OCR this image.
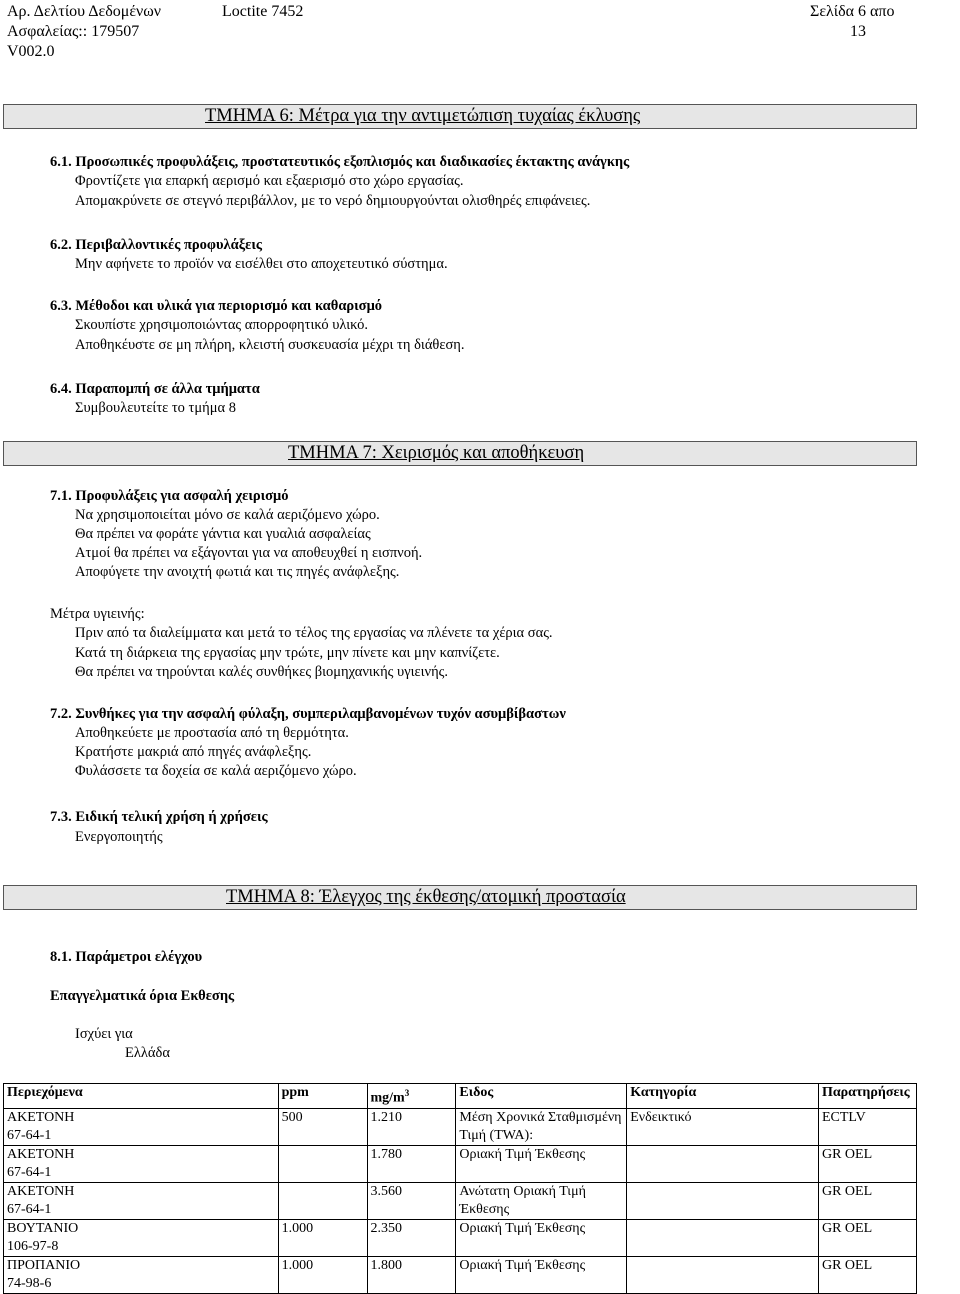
Αρ. Δελτίου Δεδομένων
Ασφαλείας:: 179507
Loctite 7452	Σελίδα 6 απο
13
V002.0
ΤΜΗΜΑ 6: Μέτρα για την αντιμετώπιση τυχαίας έκλυσης
6.1. Προσωπικές προφυλάξεις, προστατευτικός εξοπλισμός και διαδικασίες έκτακτης ανάγκης
Φροντίζετε για επαρκή αερισμό και εξαερισμό στο χώρο εργασίας.
Απομακρύνετε σε στεγνό περιβάλλον, με το νερό δημιουργούνται ολισθηρές επιφάνειες.
6.2. Περιβαλλοντικές προφυλάξεις
Μην αφήνετε το προϊόν να εισέλθει στο αποχετευτικό σύστημα.
6.3. Μέθοδοι και υλικά για περιορισμό και καθαρισμό
Σκουπίστε χρησιμοποιώντας απορροφητικό υλικό.
Αποθηκέυστε σε μη πλήρη, κλειστή συσκευασία μέχρι τη διάθεση.
6.4. Παραπομπή σε άλλα τμήματα
Συμβουλευτείτε το τμήμα 8
ΤΜΗΜΑ 7: Χειρισμός και αποθήκευση
7.1. Προφυλάξεις για ασφαλή χειρισμό
Να χρησιμοποιείται μόνο σε καλά αεριζόμενο χώρο.
Θα πρέπει να φοράτε γάντια και γυαλιά ασφαλείας
Ατμοί θα πρέπει να εξάγονται για να αποθευχθεί η εισπνοή.
Αποφύγετε την ανοιχτή φωτιά και τις πηγές ανάφλεξης.
Μέτρα υγιεινής:
Πριν από τα διαλείμματα και μετά το τέλος της εργασίας να πλένετε τα χέρια σας.
Κατά τη διάρκεια της εργασίας μην τρώτε, μην πίνετε και μην καπνίζετε.
Θα πρέπει να τηρούνται καλές συνθήκες βιομηχανικής υγιεινής.
7.2. Συνθήκες για την ασφαλή φύλαξη, συμπεριλαμβανομένων τυχόν ασυμβίβαστων
Αποθηκεύετε με προστασία από τη θερμότητα.
Κρατήστε μακριά από πηγές ανάφλεξης.
Φυλάσσετε τα δοχεία σε καλά αεριζόμενο χώρο.
7.3. Ειδική τελική χρήση ή χρήσεις
Ενεργοποιητής
ΤΜΗΜΑ 8: Έλεγχος της έκθεσης/ατομική προστασία
8.1. Παράμετροι ελέγχου
Επαγγελματικά όρια Εκθεσης
Ισχύει για
Ελλάδα
Περιεχόμενα	ppm	$mg/m^3$	Ειδος	Κατηγορία	Παρατηρήσεις

ΑΚΕΤΟΝΗ
67-64-1	500	1.210	Μέση Χρονικά Σταθμισμένη Τιμή (TWA):	Ενδεικτικό	ECTLV

ΑΚΕΤΟΝΗ
67-64-1		1.780	Οριακή Τιμή Έκθεσης		GR OEL

ΑΚΕΤΟΝΗ
67-64-1		3.560	Ανώτατη Οριακή Τιμή Έκθεσης		GR OEL

ΒΟΥΤΑΝΙΟ
106-97-8	1.000	2.350	Οριακή Τιμή Έκθεσης		GR OEL

ΠΡΟΠΑΝΙΟ
74-98-6	1.000	1.800	Οριακή Τιμή Έκθεσης		GR OEL
